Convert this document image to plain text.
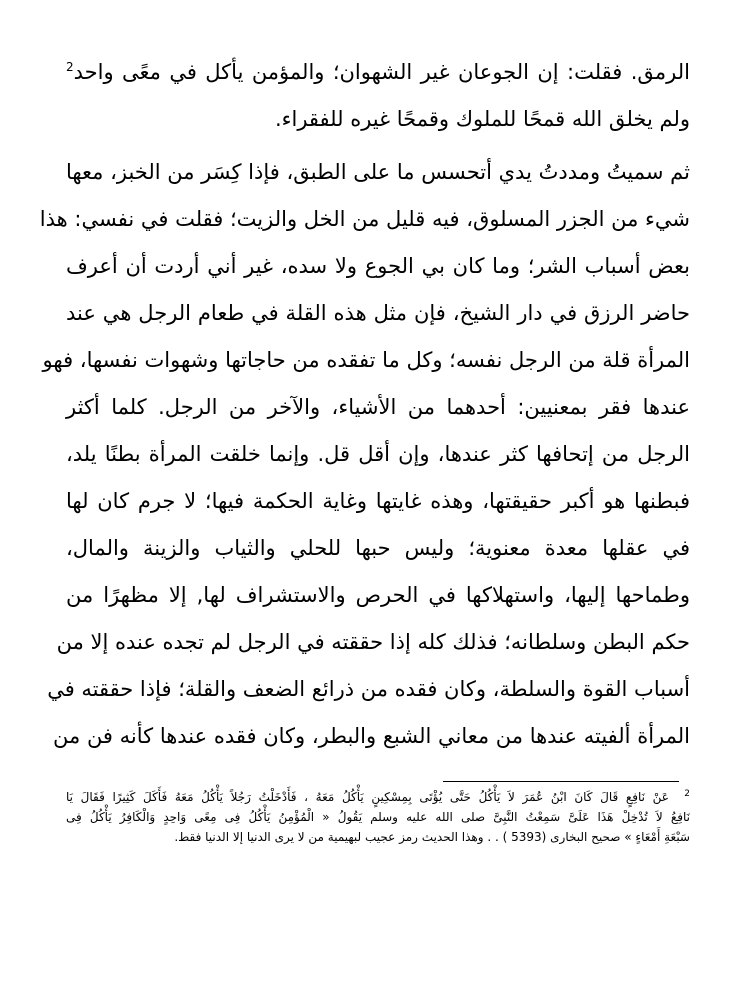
الرمق. فقلت: إن الجوعان غير الشهوان؛ والمؤمن يأكل في معًى واحد$^2$
ولم يخلق الله قمحًا للملوك وقمحًا غيره للفقراء.
ثم سميتُ ومددتُ يدي أتحسس ما على الطبق، فإذا كِسَر من الخبز، معها
شيء من الجزر المسلوق، فيه قليل من الخل والزيت؛ فقلت في نفسي: هذا
بعض أسباب الشر؛ وما كان بي الجوع ولا سده، غير أني أردت أن أعرف
حاضر الرزق في دار الشيخ، فإن مثل هذه القلة في طعام الرجل هي عند
المرأة قلة من الرجل نفسه؛ وكل ما تفقده من حاجاتها وشهوات نفسها، فهو
عندها فقر بمعنيين: أحدهما من الأشياء، والآخر من الرجل. كلما أكثر
الرجل من إتحافها كثر عندها، وإن أقل قل. وإنما خلقت المرأة بطنًا يلد،
فبطنها هو أكبر حقيقتها، وهذه غايتها وغاية الحكمة فيها؛ لا جرم كان لها
في عقلها معدة معنوية؛ وليس حبها للحلي والثياب والزينة والمال،
وطماحها إليها، واستهلاكها في الحرص والاستشراف لها, إلا مظهرًا من
حكم البطن وسلطانه؛ فذلك كله إذا حققته في الرجل لم تجده عنده إلا من
أسباب القوة والسلطة، وكان فقده من ذرائع الضعف والقلة؛ فإذا حققته في
المرأة ألفيته عندها من معاني الشبع والبطر، وكان فقده عندها كأنه فن من
$^2$  عَنْ نَافِعٍ قَالَ كَانَ ابْنُ عُمَرَ لاَ يَأْكُلُ حَتَّى يُؤْتَى بِمِسْكِينٍ يَأْكُلُ مَعَهُ ، فَأَدْخَلْتُ رَجُلاً يَأْكُلُ مَعَهُ فَأَكَلَ كَثِيرًا فَقَالَ يَا
نَافِعُ لاَ تُدْخِلْ هَذَا عَلَىَّ سَمِعْتُ النَّبِىَّ صلى الله عليه وسلم يَقُولُ « الْمُؤْمِنُ يَأْكُلُ فِى مِعًى وَاحِدٍ وَالْكَافِرُ يَأْكُلُ فِى
سَبْعَةِ أَمْعَاءٍ » صحيح البخارى (5393 ) . . وهذا الحديث رمز عجيب لبهيمية من لا يرى الدنيا إلا الدنيا فقط.
